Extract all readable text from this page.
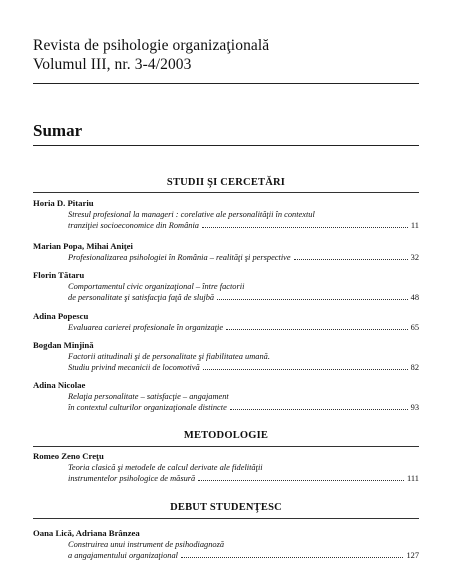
Revista de psihologie organizaţională
Volumul III, nr. 3-4/2003
Sumar
STUDII ŞI CERCETĂRI
Horia D. Pitariu
Stresul profesional la manageri : corelative ale personalităţii în contextul
tranziţiei socioeconomice din România	11
Marian Popa, Mihai Aniţei
Profesionalizarea psihologiei în România – realităţi şi perspective	32
Florin Tătaru
Comportamentul civic organizaţional – între factorii
de personalitate şi satisfacţia faţă de slujbă	48
Adina Popescu
Evaluarea carierei profesionale în organizaţie	65
Bogdan Minjină
Factorii atitudinali şi de personalitate şi fiabilitatea umană.
Studiu privind mecanicii de locomotivă	82
Adina Nicolae
Relaţia personalitate – satisfacţie – angajament
în contextul culturilor organizaţionale distincte	93
METODOLOGIE
Romeo Zeno Creţu
Teoria clasică şi metodele de calcul derivate ale fidelităţii
instrumentelor psihologice de măsură	111
DEBUT STUDENŢESC
Oana Lică, Adriana Brânzea
Construirea unui instrument de psihodiagnoză
a angajamentului organizaţional	127
